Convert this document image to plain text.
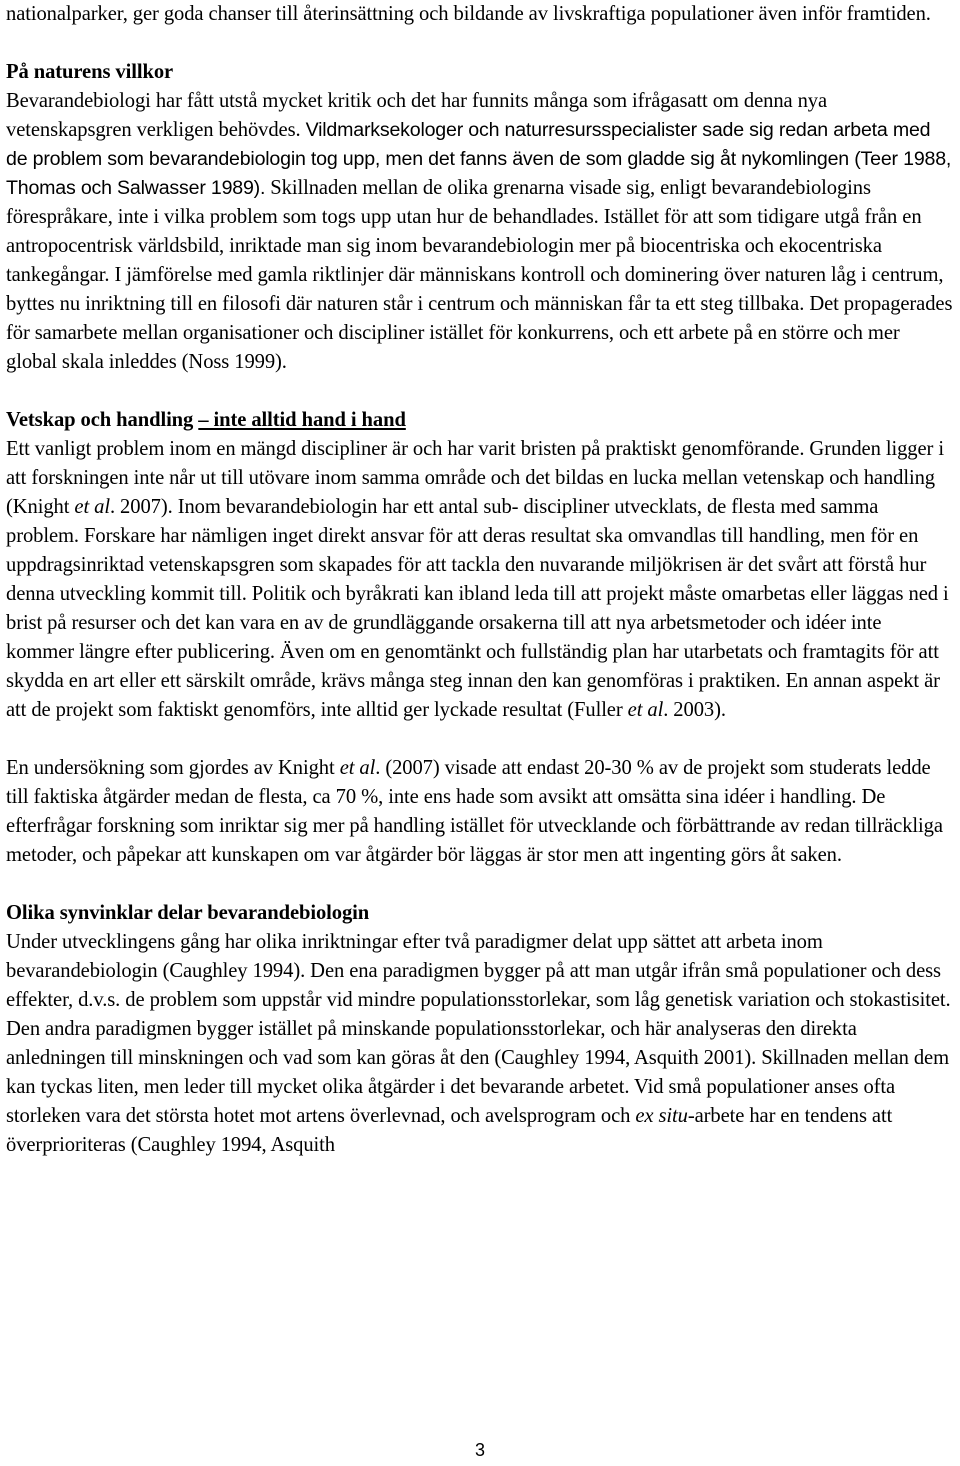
nationalparker, ger goda chanser till återinsättning och bildande av livskraftiga populationer även inför framtiden.

På naturens villkor

Bevarandebiologi har fått utstå mycket kritik och det har funnits många som ifrågasatt om denna nya vetenskapsgren verkligen behövdes. Vildmarksekologer och naturresursspecialister sade sig redan arbeta med de problem som bevarandebiologin tog upp, men det fanns även de som gladde sig åt nykomlingen (Teer 1988, Thomas och Salwasser 1989). Skillnaden mellan de olika grenarna visade sig, enligt bevarandebiologins förespråkare, inte i vilka problem som togs upp utan hur de behandlades. Istället för att som tidigare utgå från en antropocentrisk världsbild, inriktade man sig inom bevarandebiologin mer på biocentriska och ekocentriska tankegångar. I jämförelse med gamla riktlinjer där människans kontroll och dominering över naturen låg i centrum, byttes nu inriktning till en filosofi där naturen står i centrum och människan får ta ett steg tillbaka. Det propagerades för samarbete mellan organisationer och discipliner istället för konkurrens, och ett arbete på en större och mer global skala inleddes (Noss 1999).

Vetskap och handling – inte alltid hand i hand

Ett vanligt problem inom en mängd discipliner är och har varit bristen på praktiskt genomförande. Grunden ligger i att forskningen inte når ut till utövare inom samma område och det bildas en lucka mellan vetenskap och handling (Knight et al. 2007). Inom bevarandebiologin har ett antal sub- discipliner utvecklats, de flesta med samma problem. Forskare har nämligen inget direkt ansvar för att deras resultat ska omvandlas till handling, men för en uppdragsinriktad vetenskapsgren som skapades för att tackla den nuvarande miljökrisen är det svårt att förstå hur denna utveckling kommit till. Politik och byråkrati kan ibland leda till att projekt måste omarbetas eller läggas ned i brist på resurser och det kan vara en av de grundläggande orsakerna till att nya arbetsmetoder och idéer inte kommer längre efter publicering. Även om en genomtänkt och fullständig plan har utarbetats och framtagits för att skydda en art eller ett särskilt område, krävs många steg innan den kan genomföras i praktiken. En annan aspekt är att de projekt som faktiskt genomförs, inte alltid ger lyckade resultat (Fuller et al. 2003).

En undersökning som gjordes av Knight et al. (2007) visade att endast 20-30 % av de projekt som studerats ledde till faktiska åtgärder medan de flesta, ca 70 %, inte ens hade som avsikt att omsätta sina idéer i handling. De efterfrågar forskning som inriktar sig mer på handling istället för utvecklande och förbättrande av redan tillräckliga metoder, och påpekar att kunskapen om var åtgärder bör läggas är stor men att ingenting görs åt saken.

Olika synvinklar delar bevarandebiologin

Under utvecklingens gång har olika inriktningar efter två paradigmer delat upp sättet att arbeta inom bevarandebiologin (Caughley 1994). Den ena paradigmen bygger på att man utgår ifrån små populationer och dess effekter, d.v.s. de problem som uppstår vid mindre populationsstorlekar, som låg genetisk variation och stokastisitet. Den andra paradigmen bygger istället på minskande populationsstorlekar, och här analyseras den direkta anledningen till minskningen och vad som kan göras åt den (Caughley 1994, Asquith 2001). Skillnaden mellan dem kan tyckas liten, men leder till mycket olika åtgärder i det bevarande arbetet. Vid små populationer anses ofta storleken vara det största hotet mot artens överlevnad, och avelsprogram och ex situ-arbete har en tendens att överprioriteras (Caughley 1994, Asquith

3
